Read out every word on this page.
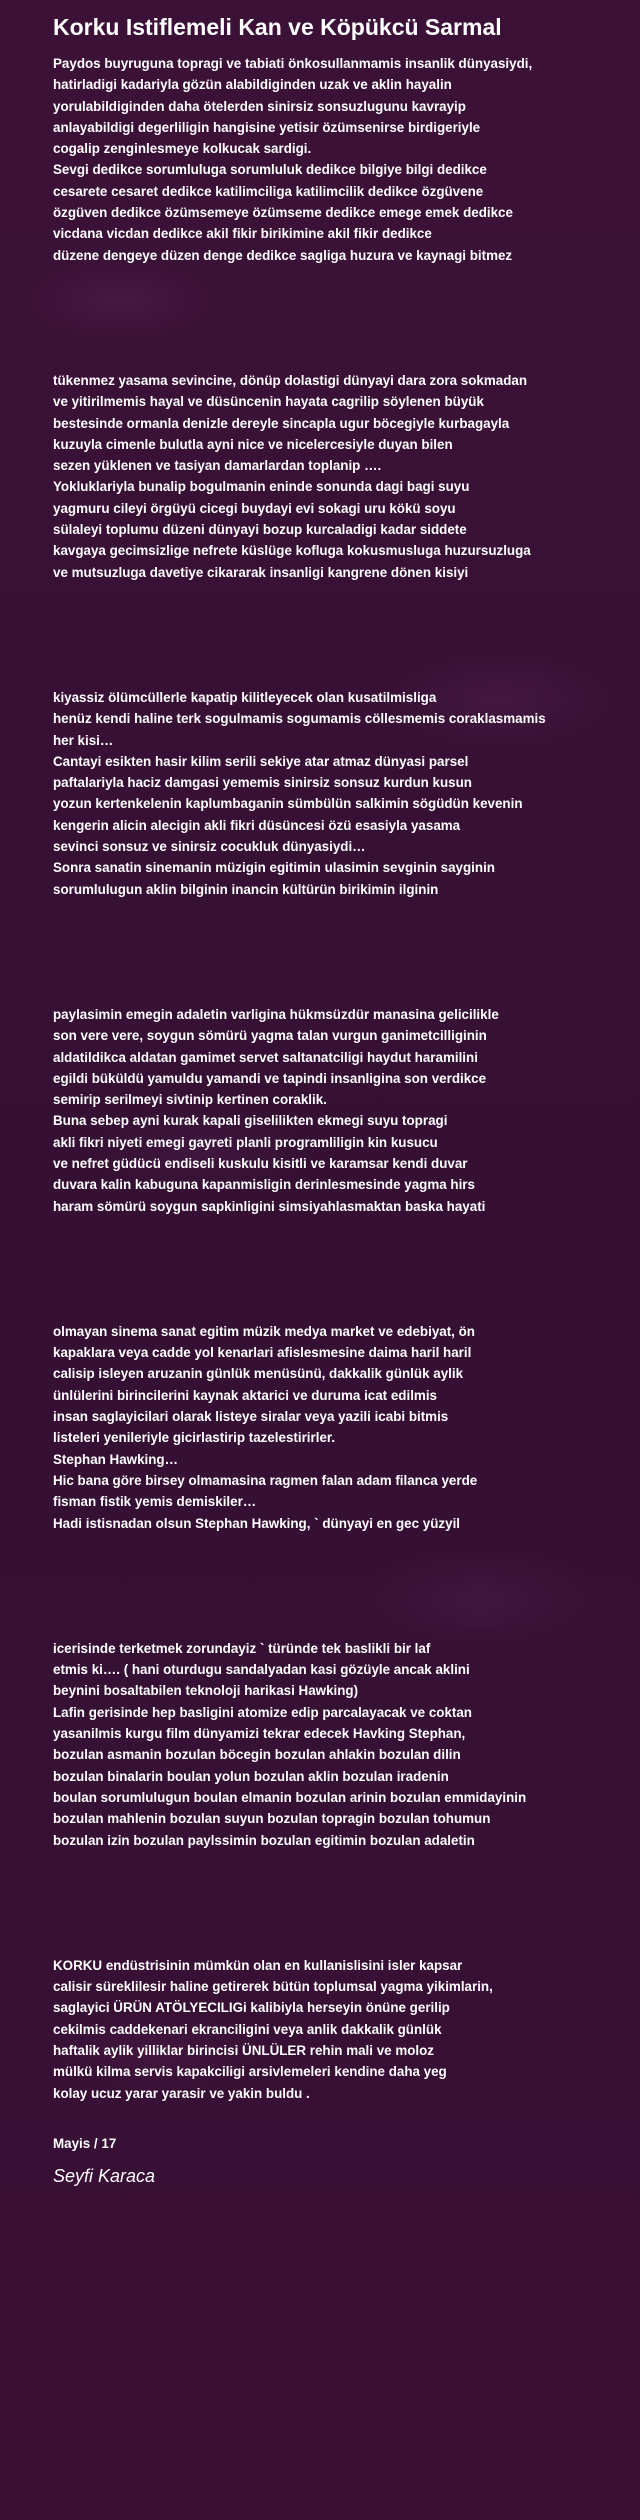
Korku Istiflemeli Kan ve Köpükcü Sarmal
Paydos buyruguna topragi ve tabiati önkosullanmamis insanlik dünyasiydi,
hatirladigi kadariyla gözün alabildiginden uzak ve aklin hayalin
yorulabildiginden daha ötelerden sinirsiz sonsuzlugunu kavrayip
anlayabildigi degerliligin hangisine yetisir özümsenirse birdigeriyle
cogalip zenginlesmeye kolkucak sardigi.
Sevgi dedikce sorumluluga sorumluluk dedikce bilgiye bilgi dedikce
cesarete cesaret dedikce katilimciliga katilimcilik dedikce özgüvene
özgüven dedikce özümsemeye özümseme dedikce emege emek dedikce
vicdana vicdan dedikce akil fikir birikimine akil fikir dedikce
düzene dengeye düzen denge dedikce sagliga huzura ve kaynagi bitmez
tükenmez yasama sevincine, dönüp dolastigi dünyayi dara zora sokmadan
ve yitirilmemis hayal ve düsüncenin hayata cagrilip söylenen büyük
bestesinde ormanla denizle dereyle sincapla ugur böcegiyle kurbagayla
kuzuyla cimenle bulutla ayni nice ve nicelercesiyle duyan bilen
sezen yüklenen ve tasiyan damarlardan toplanip ….
Yokluklariyla bunalip bogulmanin eninde sonunda dagi bagi suyu
yagmuru cileyi örgüyü cicegi buydayi evi sokagi uru kökü soyu
sülaleyi toplumu düzeni dünyayi bozup kurcaladigi kadar siddete
kavgaya gecimsizlige nefrete küslüge kofluga kokusmusluga huzursuzluga
ve mutsuzluga davetiye cikararak insanligi kangrene dönen kisiyi
kiyassiz ölümcüllerle kapatip kilitleyecek olan kusatilmisliga
henüz kendi haline terk sogulmamis sogumamis cöllesmemis coraklasmamis
her kisi…
Cantayi esikten hasir kilim serili sekiye atar atmaz dünyasi parsel
paftalariyla haciz damgasi yememis sinirsiz sonsuz kurdun kusun
yozun kertenkelenin kaplumbaganin sümbülün salkimin sögüdün kevenin
kengerin alicin alecigin akli fikri düsüncesi özü esasiyla yasama
sevinci sonsuz ve sinirsiz cocukluk dünyasiydi…
Sonra sanatin sinemanin müzigin egitimin ulasimin sevginin sayginin
sorumlulugun aklin bilginin inancin kültürün birikimin ilginin
paylasimin emegin adaletin varligina hükmsüzdür manasina gelicilikle
son vere vere, soygun sömürü yagma talan vurgun ganimetcilliginin
aldatildikca aldatan gamimet servet saltanatciligi haydut haramilini
egildi büküldü yamuldu yamandi ve tapindi insanligina son verdikce
semirip serilmeyi sivtinip kertinen coraklik.
Buna sebep ayni kurak kapali giselilikten ekmegi suyu topragi
akli fikri niyeti emegi gayreti planli programliligin kin kusucu
ve nefret güdücü endiseli kuskulu kisitli ve karamsar kendi duvar
duvara kalin kabuguna kapanmisligin derinlesmesinde yagma hirs
haram sömürü soygun sapkinligini simsiyahlasmaktan baska hayati
olmayan sinema sanat egitim müzik medya market ve edebiyat, ön
kapaklara veya cadde yol kenarlari afislesmesine daima haril haril
calisip isleyen aruzanin günlük menüsünü, dakkalik günlük aylik
ünlülerini birincilerini kaynak aktarici ve duruma icat edilmis
insan saglayicilari olarak listeye siralar veya yazili icabi bitmis
listeleri yenileriyle gicirlastirip tazelestirirler.
Stephan Hawking…
Hic bana göre birsey olmamasina ragmen falan adam filanca yerde
fisman fistik yemis demiskiler…
Hadi istisnadan olsun Stephan Hawking, ` dünyayi en gec yüzyil
icerisinde terketmek zorundayiz ` türünde tek baslikli bir laf
etmis ki…. ( hani oturdugu sandalyadan kasi gözüyle ancak aklini
beynini bosaltabilen teknoloji harikasi Hawking)
Lafin gerisinde hep basligini atomize edip parcalayacak ve coktan
yasanilmis kurgu film dünyamizi tekrar edecek Havking Stephan,
bozulan asmanin bozulan böcegin bozulan ahlakin bozulan dilin
bozulan binalarin boulan yolun bozulan aklin bozulan iradenin
boulan sorumlulugun boulan elmanin bozulan arinin bozulan emmidayinin
bozulan mahlenin bozulan suyun bozulan topragin bozulan tohumun
bozulan izin bozulan paylssimin bozulan egitimin bozulan adaletin
KORKU endüstrisinin mümkün olan en kullanislisini isler kapsar
calisir süreklilesir haline getirerek bütün toplumsal yagma yikimlarin,
saglayici ÜRÜN ATÖLYECILIGi kalibiyla herseyin önüne gerilip
cekilmis caddekenari ekranciligini veya anlik dakkalik günlük
haftalik aylik yilliklar birincisi ÜNLÜLER rehin mali ve moloz
mülkü kilma servis kapakciligi arsivlemeleri kendine daha yeg
kolay ucuz yarar yarasir ve yakin buldu .
Mayis / 17
Seyfi Karaca
